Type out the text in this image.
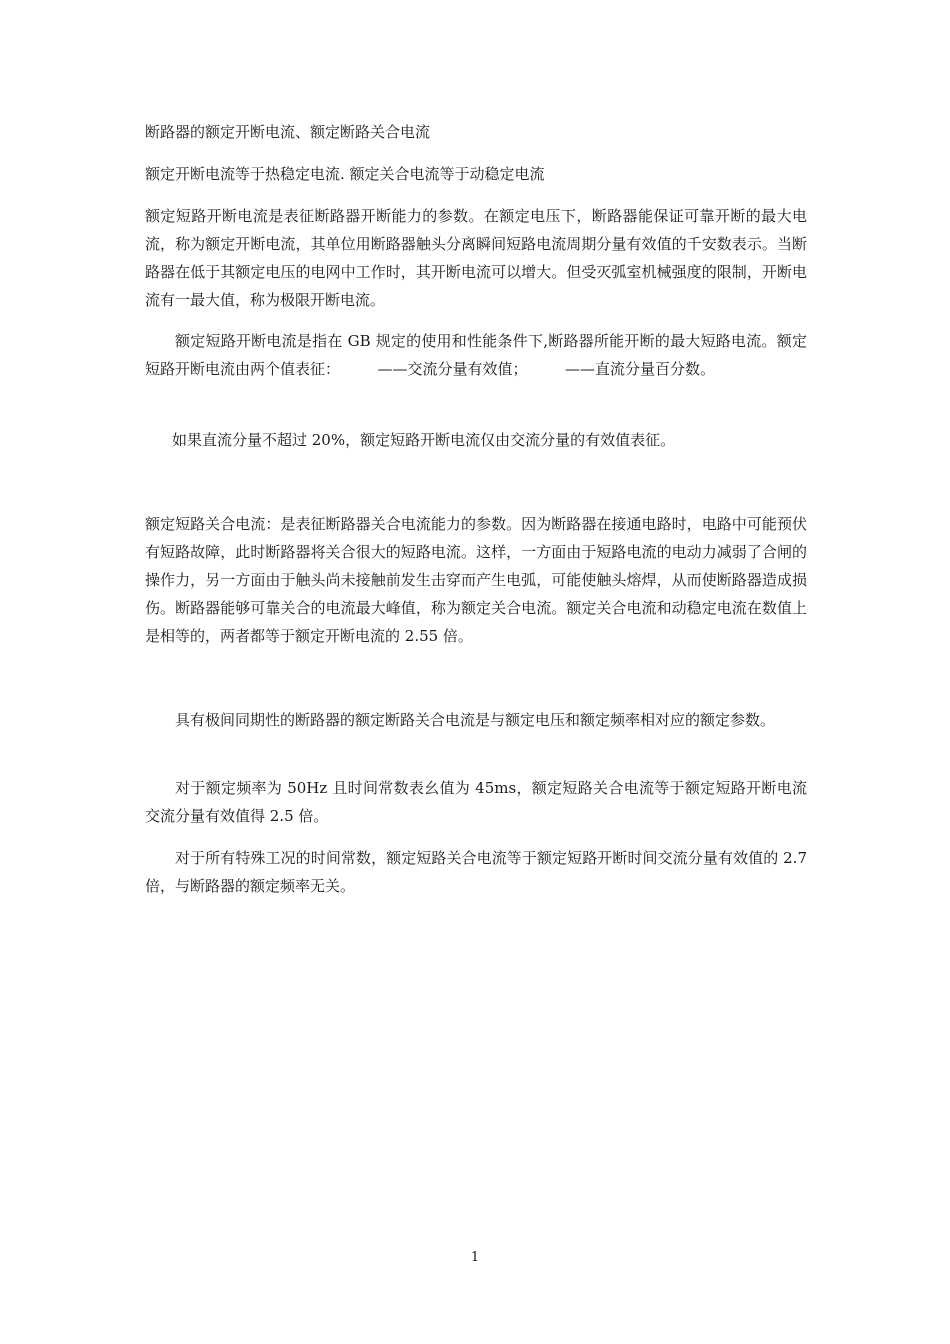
断路器的额定开断电流、额定断路关合电流

额定开断电流等于热稳定电流. 额定关合电流等于动稳定电流

额定短路开断电流是表征断路器开断能力的参数。在额定电压下，断路器能保证可靠开断的最大电流，称为额定开断电流，其单位用断路器触头分离瞬间短路电流周期分量有效值的千安数表示。当断路器在低于其额定电压的电网中工作时，其开断电流可以增大。但受灭弧室机械强度的限制，开断电流有一最大值，称为极限开断电流。

额定短路开断电流是指在 GB 规定的使用和性能条件下,断路器所能开断的最大短路电流。额定短路开断电流由两个值表征：　　　——交流分量有效值；　　　——直流分量百分数。

如果直流分量不超过 20%，额定短路开断电流仅由交流分量的有效值表征。

额定短路关合电流：是表征断路器关合电流能力的参数。因为断路器在接通电路时，电路中可能预伏有短路故障，此时断路器将关合很大的短路电流。这样，一方面由于短路电流的电动力减弱了合闸的操作力，另一方面由于触头尚未接触前发生击穿而产生电弧，可能使触头熔焊，从而使断路器造成损伤。断路器能够可靠关合的电流最大峰值，称为额定关合电流。额定关合电流和动稳定电流在数值上是相等的，两者都等于额定开断电流的 2.55 倍。

具有极间同期性的断路器的额定断路关合电流是与额定电压和额定频率相对应的额定参数。

对于额定频率为 50Hz 且时间常数表幺值为 45ms，额定短路关合电流等于额定短路开断电流交流分量有效值得 2.5 倍。

对于所有特殊工况的时间常数，额定短路关合电流等于额定短路开断时间交流分量有效值的 2.7 倍，与断路器的额定频率无关。

1
